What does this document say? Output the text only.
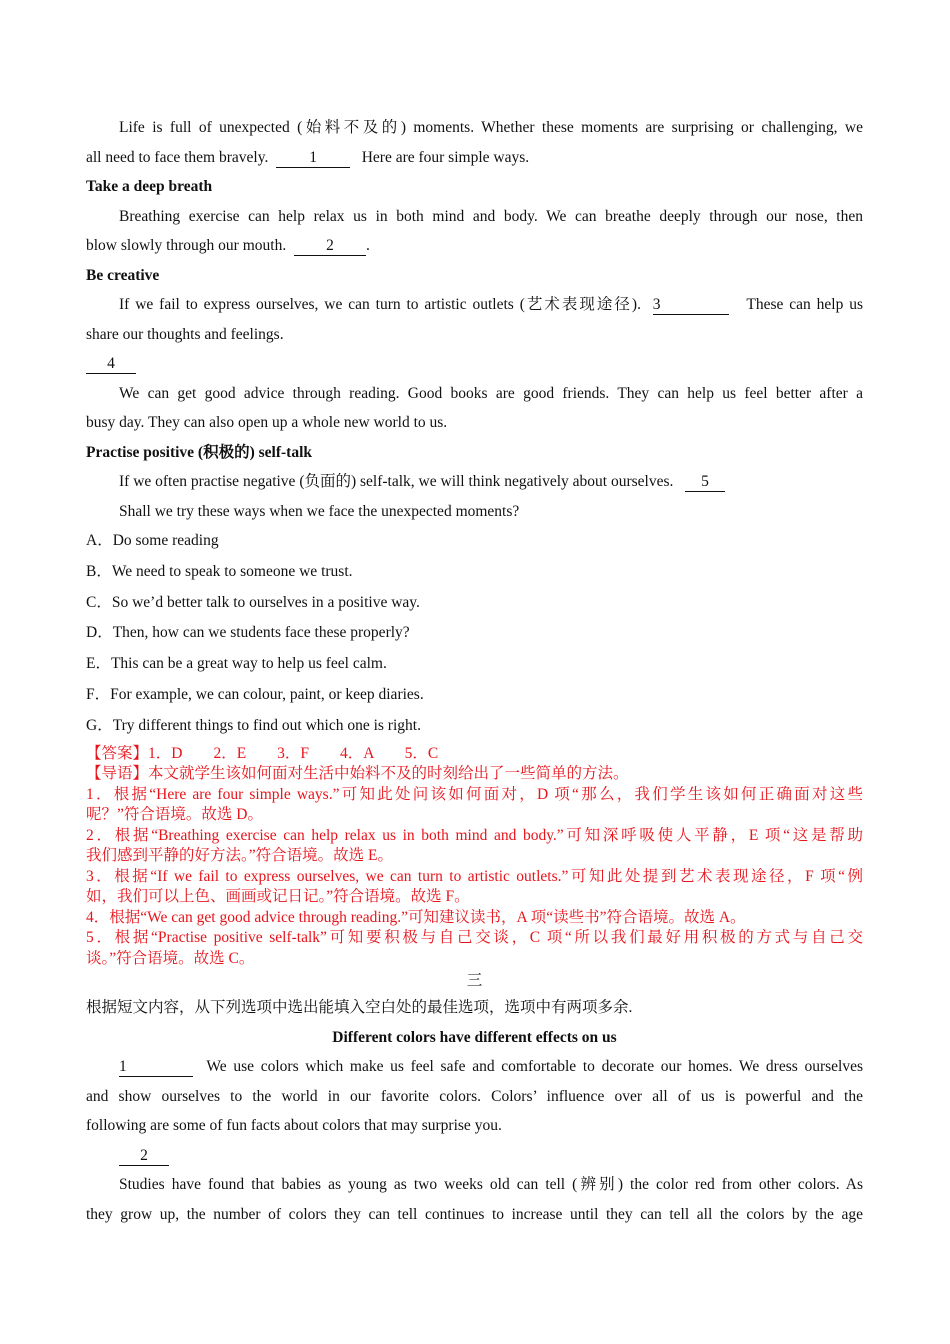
Life is full of unexpected (始料不及的) moments. Whether these moments are surprising or challenging, we

all need to face them bravely.	1	Here are four simple ways.

Take a deep breath

Breathing exercise can help relax us in both mind and body. We can breathe deeply through our nose, then

blow slowly through our mouth.	2 .

Be creative

If we fail to express ourselves, we can turn to artistic outlets (艺术表现途径). 3	These can help us

share our thoughts and feelings.

4

We can get good advice through reading. Good books are good friends. They can help us feel better after a

busy day. They can also open up a whole new world to us.

Practise positive (积极的) self-talk

If we often practise negative (负面的) self-talk, we will think negatively about ourselves. 5

Shall we try these ways when we face the unexpected moments?

A．Do some reading

B．We need to speak to someone we trust.

C．So we’d better talk to ourselves in a positive way.

D．Then, how can we students face these properly?

E．This can be a great way to help us feel calm.

F．For example, we can colour, paint, or keep diaries.

G．Try different things to find out which one is right.

【答案】1．D　　2．E　　3．F　　4．A　　5．C

【导语】本文就学生该如何面对生活中始料不及的时刻给出了一些简单的方法。

1．根据“Here are four simple ways.”可知此处问该如何面对，D 项“那么，我们学生该如何正确面对这些

呢？”符合语境。故选 D。

2．根据“Breathing exercise can help relax us in both mind and body.”可知深呼吸使人平静，E 项“这是帮助

我们感到平静的好方法。”符合语境。故选 E。

3．根据“If we fail to express ourselves, we can turn to artistic outlets.”可知此处提到艺术表现途径，F 项“例

如，我们可以上色、画画或记日记。”符合语境。故选 F。

4．根据“We can get good advice through reading.”可知建议读书，A 项“读些书”符合语境。故选 A。

5．根据“Practise positive self-talk”可知要积极与自己交谈，C 项“所以我们最好用积极的方式与自己交

谈。”符合语境。故选 C。

三

根据短文内容，从下列选项中选出能填入空白处的最佳选项，选项中有两项多余.

Different colors have different effects on us

1	We use colors which make us feel safe and comfortable to decorate our homes. We dress ourselves

and show ourselves to the world in our favorite colors. Colors’ influence over all of us is powerful and the

following are some of fun facts about colors that may surprise you.

2

Studies have found that babies as young as two weeks old can tell (辨别) the color red from other colors. As

they grow up, the number of colors they can tell continues to increase until they can tell all the colors by the age
